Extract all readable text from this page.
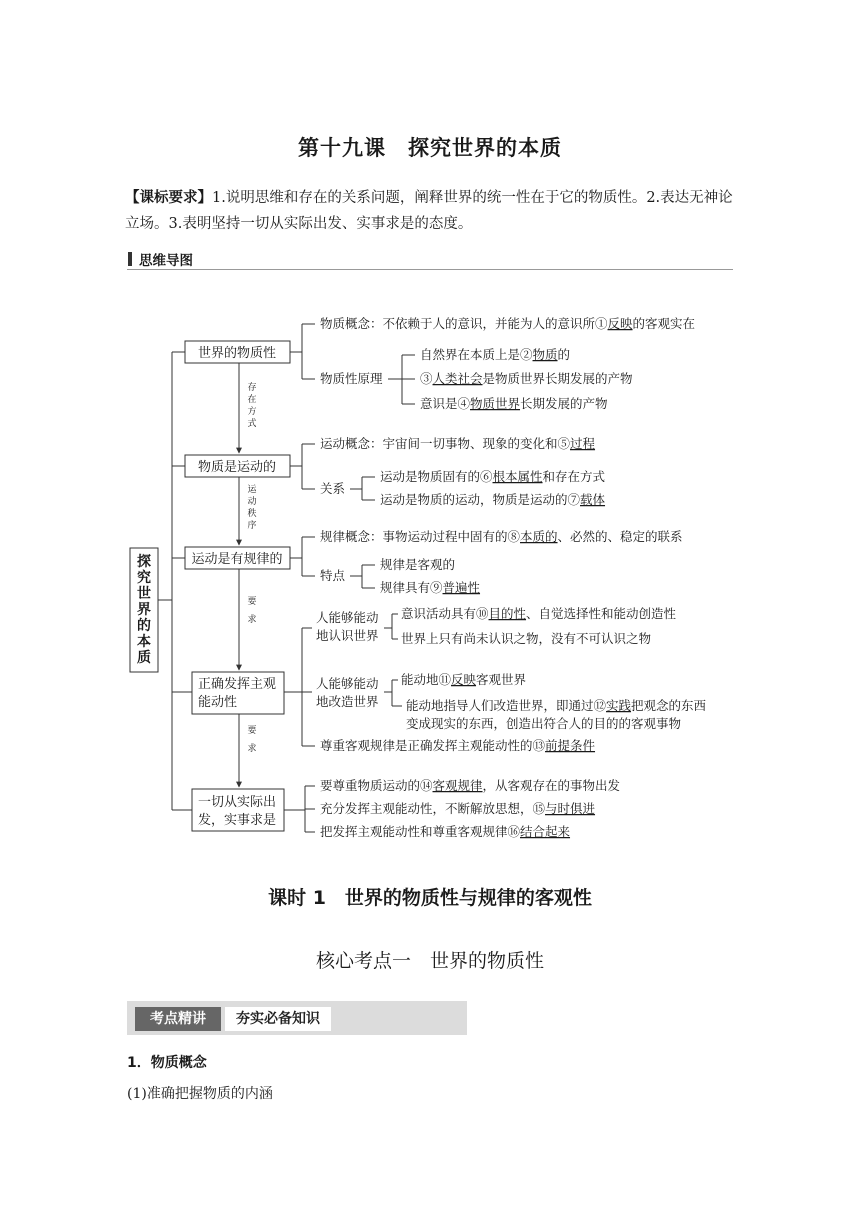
第十九课　探究世界的本质
【课标要求】1.说明思维和存在的关系问题，阐释世界的统一性在于它的物质性。2.表达无神论立场。3.表明坚持一切从实际出发、实事求是的态度。
思维导图
探
究
世
界
的
本
质
世界的物质性
物质是运动的
运动是有规律的
正确发挥主观
能动性
一切从实际出
发，实事求是
存
在
方
式
运
动
秩
序
要
求
要
求
物质概念：不依赖于人的意识，并能为人的意识所①反映的客观实在
物质性原理
自然界在本质上是②物质的
③人类社会是物质世界长期发展的产物
意识是④物质世界长期发展的产物
运动概念：宇宙间一切事物、现象的变化和⑤过程
关系
运动是物质固有的⑥根本属性和存在方式
运动是物质的运动，物质是运动的⑦载体
规律概念：事物运动过程中固有的⑧本质的、必然的、稳定的联系
特点
规律是客观的
规律具有⑨普遍性
人能够能动
地认识世界
意识活动具有⑩目的性、自觉选择性和能动创造性
世界上只有尚未认识之物，没有不可认识之物
人能够能动
地改造世界
能动地⑪反映客观世界
能动地指导人们改造世界，即通过⑫实践把观念的东西
变成现实的东西，创造出符合人的目的的客观事物
尊重客观规律是正确发挥主观能动性的⑬前提条件
要尊重物质运动的⑭客观规律，从客观存在的事物出发
充分发挥主观能动性，不断解放思想，⑮与时俱进
把发挥主观能动性和尊重客观规律⑯结合起来
课时 1　世界的物质性与规律的客观性
核心考点一　世界的物质性
考点精讲	夯实必备知识
1．物质概念
(1)准确把握物质的内涵
